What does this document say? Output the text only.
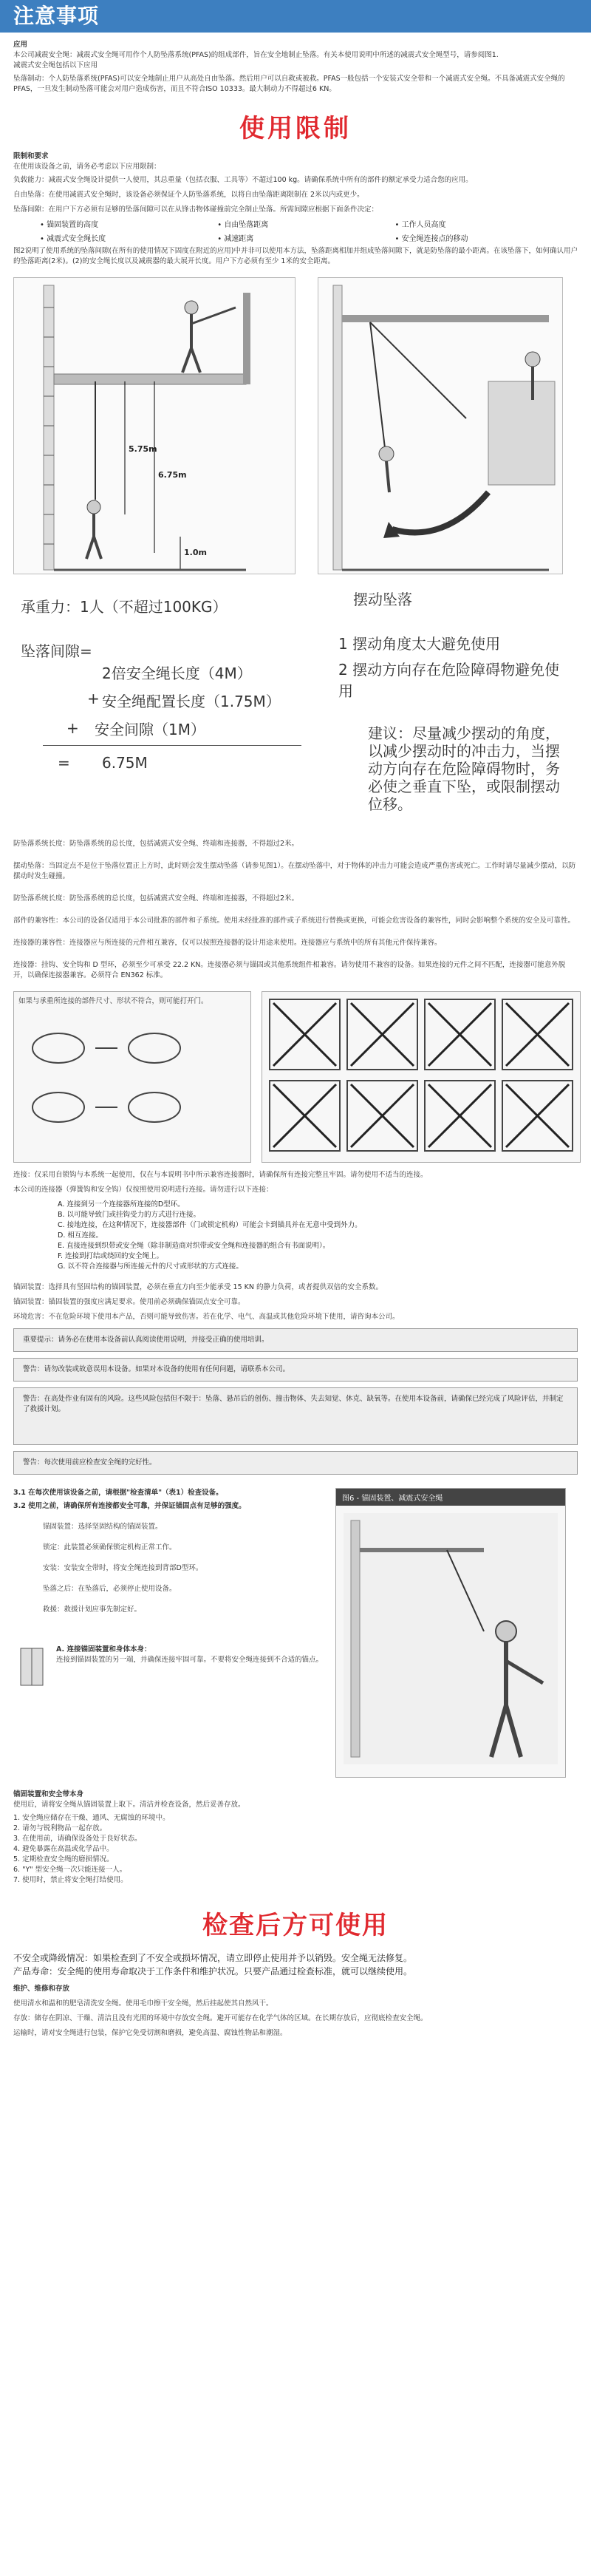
注意事项

应用

本公司减震安全绳：减震式安全绳可用作个人防坠落系统(PFAS)的组成部件，旨在安全地制止坠落。有关本使用说明中所述的减震式安全绳型号，请参阅图1.

减震式安全绳包括以下应用

坠落制动：个人防坠落系统(PFAS)可以安全地制止用户从高处自由坠落。然后用户可以自救或被救。PFAS一般包括一个安装式安全带和一个减震式安全绳。不具备减震式安全绳的PFAS，一旦发生制动坠落可能会对用户造成伤害，而且不符合ISO 10333。最大制动力不得超过6 KN。

使用限制

限制和要求

在使用该设备之前，请务必考虑以下应用限制：

负载能力：减震式安全绳设计提供一人使用，其总重量（包括衣服、工具等）不超过100 kg。请确保系统中所有的部件的额定承受力适合您的应用。

自由坠落：在使用减震式安全绳时，该设备必须保证个人防坠落系统，以将自由坠落距离限制在 2米以内或更少。

坠落间隙：在用户下方必须有足够的坠落间隙可以在从锋击物体碰撞前完全制止坠落。所需间隙应根据下面条件决定：

• 锚固装置的高度	• 自由坠落距离	• 工作人员高度
• 减震式安全绳长度	• 减速距离	• 安全绳连接点的移动

图2说明了使用系统的坠落间隙(在所有的使用情况下固度在附近的应用)中并非可以使用本方法，坠落距离相加并组成坠落间隙下，就是防坠落的最小距离。在该坠落下，如何确认用户的坠落距离(2米)。(2)的安全绳长度以及减震器的最大展开长度。用户下方必须有至少 1米的安全距离。

5.75m
6.75m
1.0m
承重力：1人（不超过100KG）
坠落间隙=
2倍安全绳长度（4M）
+ 安全绳配置长度（1.75M）
+ 安全间隙（1M）
= 6.75M
摆动坠落
1 摆动角度太大避免使用
2 摆动方向存在危险障碍物避免使用
建议：尽量减少摆动的角度，以减少摆动时的冲击力，当摆动方向存在危险障碍物时，务必使之垂直下坠，或限制摆动位移。

防坠落系统长度：防坠落系统的总长度，包括减震式安全绳、终端和连接器，不得超过2米。

摆动坠落：当固定点不是位于坠落位置正上方时，此时则会发生摆动坠落（请参见图1）。在摆动坠落中，对于物体的冲击力可能会造成严重伤害或死亡。工作时请尽量减少摆动，以防摆动时发生碰撞。

防坠落系统长度：防坠落系统的总长度，包括减震式安全绳、终端和连接器，不得超过2米。

部件的兼容性：本公司的设备仅适用于本公司批准的部件和子系统。使用未经批准的部件或子系统进行替换或更换，可能会危害设备的兼容性，同时会影响整个系统的安全及可靠性。

连接器的兼容性：连接器应与所连接的元件相互兼容，仅可以按照连接器的设计用途来使用。连接器应与系统中的所有其他元件保持兼容。

连接器：挂钩、安全钩和 D 型环，必须至少可承受 22.2 KN。连接器必须与锚固或其他系统组件相兼容。请勿使用不兼容的设备。如果连接的元件之间不匹配，连接器可能意外脱开，以确保连接器兼容。必须符合 EN362 标准。

如果与承重所连接的部件尺寸、形状不符合，则可能打开门。

连接：仅采用自锁钩与本系统一起使用，仅在与本说明书中所示兼容连接器时，请确保所有连接完整且牢固。请勿使用不适当的连接。

本公司的连接器（弹簧钩和安全钩）仅按照使用说明进行连接。请勿进行以下连接：

A. 连接到另一个连接器所连接的D型环。
B. 以可能导致门或挂钩受力的方式进行连接。
C. 接地连接，在这种情况下，连接器部件（门或锁定机构）可能会卡到锚具并在无意中受到外力。
D. 相互连接。
E. 直接连接到织带或安全绳（除非制造商对织带或安全绳和连接器的组合有书面说明）。
F. 连接到打结或绕回的安全绳上。
G. 以不符合连接器与所连接元件的尺寸或形状的方式连接。

锚固装置：选择具有坚固结构的锚固装置，必须在垂直方向至少能承受 15 KN 的静力负荷，或者提供双倍的安全系数。

锚固装置：锚固装置的强度应满足要求。使用前必须确保锚固点安全可靠。

环境危害：不在危险环境下使用本产品，否则可能导致伤害。若在化学、电气、高温或其他危险环境下使用，请咨询本公司。

重要提示：请务必在使用本设备前认真阅读使用说明，并接受正确的使用培训。
警告：请勿改装或故意误用本设备。如果对本设备的使用有任何问题，请联系本公司。
警告：在高处作业有固有的风险。这些风险包括但不限于：坠落、悬吊后的创伤、撞击物体、失去知觉、休克、缺氧等。在使用本设备前，请确保已经完成了风险评估，并制定了救援计划。
警告：每次使用前应检查安全绳的完好性。

3.1 在每次使用该设备之前，请根据"检查清单"（表1）检查设备。

3.2 使用之前，请确保所有连接都安全可靠，并保证锚固点有足够的强度。

锚固装置：选择坚固结构的锚固装置。

锁定：此装置必须确保锁定机构正常工作。

安装：安装安全带时，将安全绳连接到背部D型环。

坠落之后：在坠落后，必须停止使用设备。

救援：救援计划应事先制定好。

A. 连接锚固装置和身体本身：

连接到锚固装置的另一端，并确保连接牢固可靠。不要将安全绳连接到不合适的锚点。

图6 - 锚固装置、减震式安全绳

锚固装置和安全带本身

使用后，请将安全绳从锚固装置上取下。清洁并检查设备，然后妥善存放。

1. 安全绳应储存在干燥、通风、无腐蚀的环境中。

2. 请勿与锐利物品一起存放。

3. 在使用前，请确保设备处于良好状态。

4. 避免暴露在高温或化学品中。

5. 定期检查安全绳的磨损情况。

6. "Y" 型安全绳一次只能连接一人。

7. 使用时，禁止将安全绳打结使用。

检查后方可使用

不安全或降级情况：如果检查到了不安全或损坏情况，请立即停止使用并予以销毁。安全绳无法修复。

产品寿命：安全绳的使用寿命取决于工作条件和维护状况。只要产品通过检查标准，就可以继续使用。

维护、维修和存放

使用清水和温和的肥皂清洗安全绳。使用毛巾擦干安全绳，然后挂起使其自然风干。

存放：储存在阴凉、干燥、清洁且没有光照的环境中存放安全绳。避开可能存在化学气体的区域。在长期存放后，应彻底检查安全绳。

运输时，请对安全绳进行包装，保护它免受切割和磨损，避免高温、腐蚀性物品和潮湿。
